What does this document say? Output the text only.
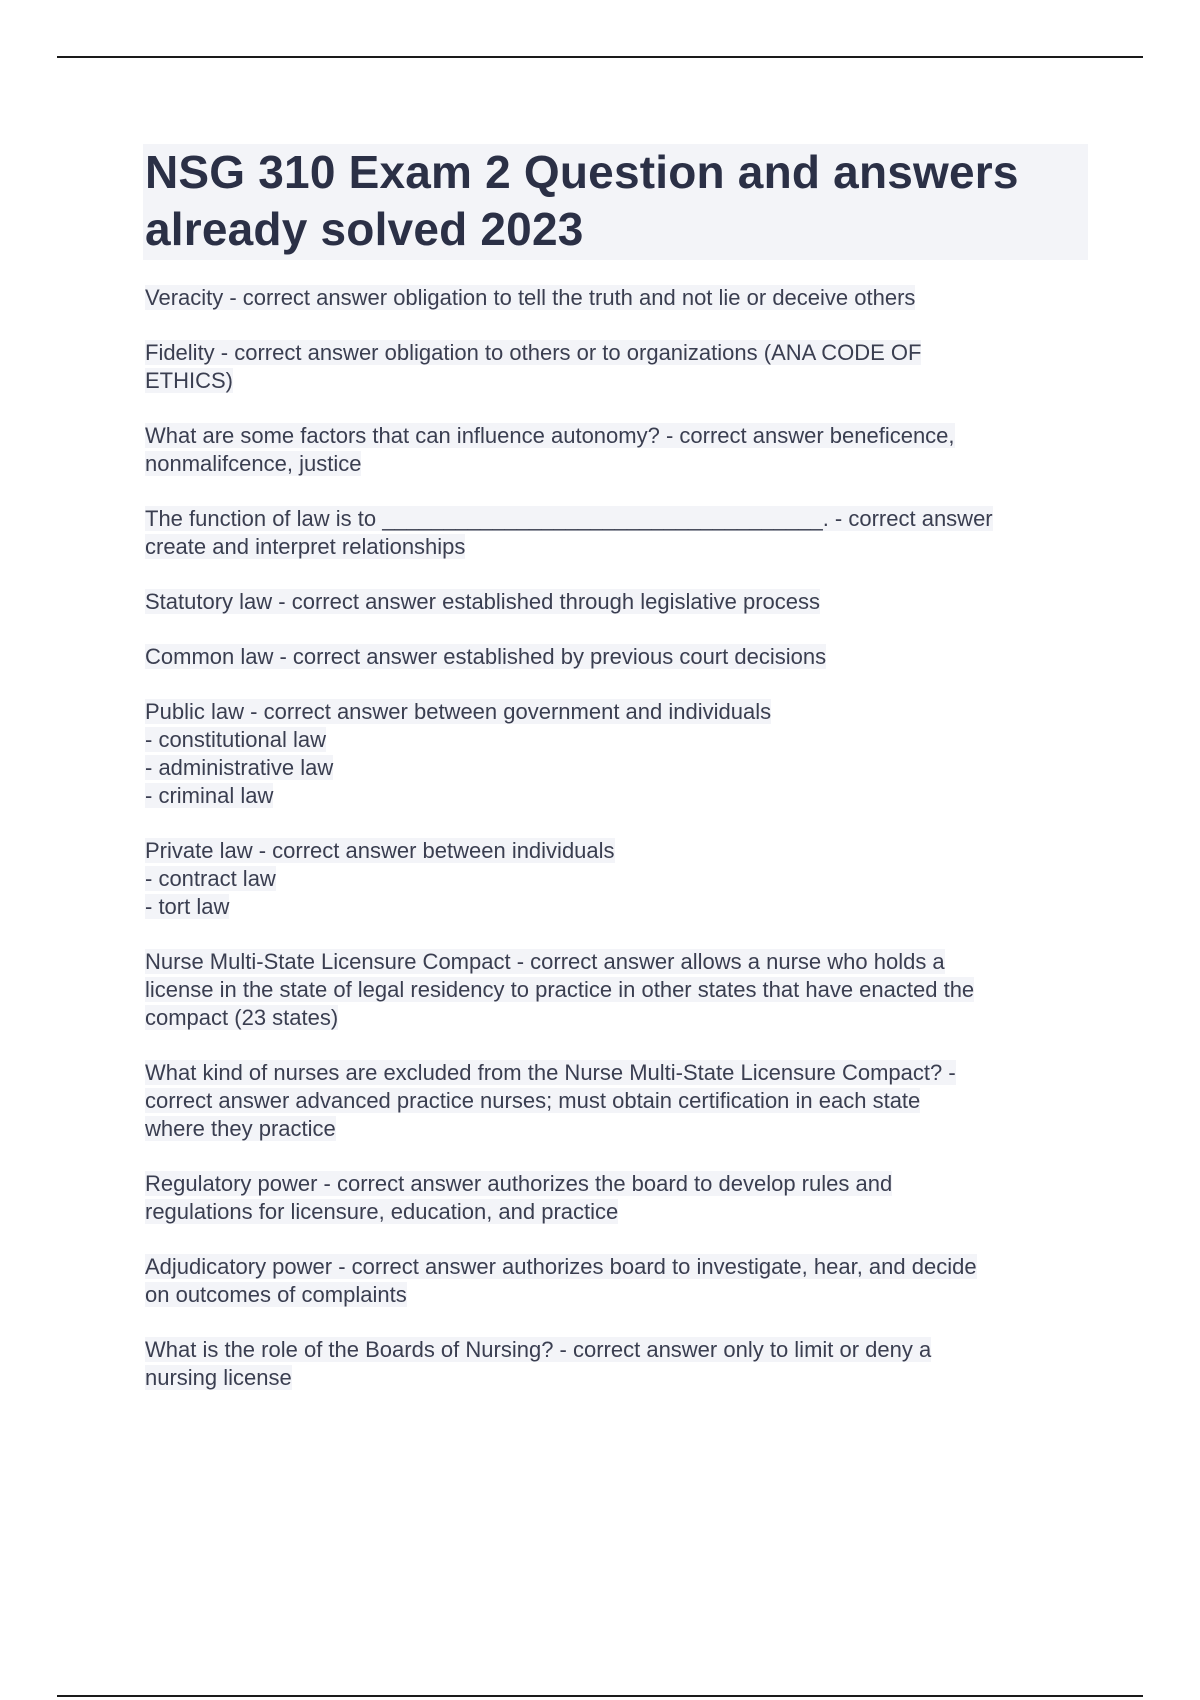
NSG 310 Exam 2 Question and answers already solved 2023

Veracity - correct answer obligation to tell the truth and not lie or deceive others

Fidelity - correct answer obligation to others or to organizations (ANA CODE OF
ETHICS)

What are some factors that can influence autonomy? - correct answer beneficence,
nonmalifcence, justice

The function of law is to ____________________________________. - correct answer
create and interpret relationships

Statutory law - correct answer established through legislative process

Common law - correct answer established by previous court decisions

Public law - correct answer between government and individuals
- constitutional law
- administrative law
- criminal law

Private law - correct answer between individuals
- contract law
- tort law

Nurse Multi-State Licensure Compact - correct answer allows a nurse who holds a
license in the state of legal residency to practice in other states that have enacted the
compact (23 states)

What kind of nurses are excluded from the Nurse Multi-State Licensure Compact? -
correct answer advanced practice nurses; must obtain certification in each state
where they practice

Regulatory power - correct answer authorizes the board to develop rules and
regulations for licensure, education, and practice

Adjudicatory power - correct answer authorizes board to investigate, hear, and decide
on outcomes of complaints

What is the role of the Boards of Nursing? - correct answer only to limit or deny a
nursing license
